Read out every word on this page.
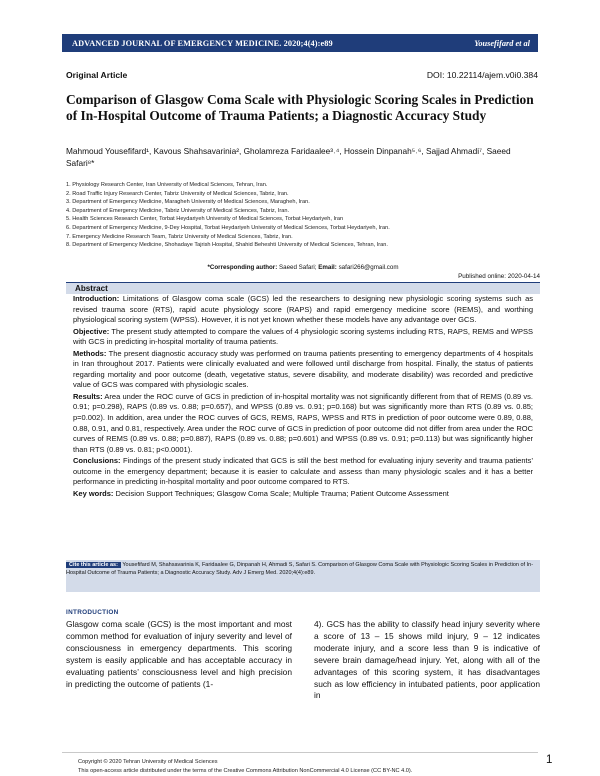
ADVANCED JOURNAL OF EMERGENCY MEDICINE. 2020;4(4):e89	Yousefifard et al
Original Article	DOI: 10.22114/ajem.v0i0.384
Comparison of Glasgow Coma Scale with Physiologic Scoring Scales in Prediction of In-Hospital Outcome of Trauma Patients; a Diagnostic Accuracy Study
Mahmoud Yousefifard¹, Kavous Shahsavarinia², Gholamreza Faridaalee³˒⁴, Hossein Dinpanah⁵˒⁶, Sajjad Ahmadi⁷, Saeed Safari⁸*
1. Physiology Research Center, Iran University of Medical Sciences, Tehran, Iran.
2. Road Traffic Injury Research Center, Tabriz University of Medical Sciences, Tabriz, Iran.
3. Department of Emergency Medicine, Maragheh University of Medical Sciences, Maragheh, Iran.
4. Department of Emergency Medicine, Tabriz University of Medical Sciences, Tabriz, Iran.
5. Health Sciences Research Center, Torbat Heydariyeh University of Medical Sciences, Torbat Heydariyeh, Iran
6. Department of Emergency Medicine, 9-Dey Hospital, Torbat Heydariyeh University of Medical Sciences, Torbat Heydariyeh, Iran.
7. Emergency Medicine Research Team, Tabriz University of Medical Sciences, Tabriz, Iran.
8. Department of Emergency Medicine, Shohadaye Tajrish Hospital, Shahid Beheshti University of Medical Sciences, Tehran, Iran.
*Corresponding author: Saeed Safari; Email: safari266@gmail.com
Published online: 2020-04-14
Abstract

Introduction: Limitations of Glasgow coma scale (GCS) led the researchers to designing new physiologic scoring systems such as revised trauma score (RTS), rapid acute physiology score (RAPS) and rapid emergency medicine score (REMS), and worthing physiological scoring system (WPSS). However, it is not yet known whether these models have any advantage over GCS.

Objective: The present study attempted to compare the values of 4 physiologic scoring systems including RTS, RAPS, REMS and WPSS with GCS in predicting in-hospital mortality of trauma patients.

Methods: The present diagnostic accuracy study was performed on trauma patients presenting to emergency departments of 4 hospitals in Iran throughout 2017. Patients were clinically evaluated and were followed until discharge from hospital. Finally, the status of patients regarding mortality and poor outcome (death, vegetative status, severe disability, and moderate disability) was recorded and predictive value of GCS was compared with physiologic scales.

Results: Area under the ROC curve of GCS in prediction of in-hospital mortality was not significantly different from that of REMS (0.89 vs. 0.91; p=0.298), RAPS (0.89 vs. 0.88; p=0.657), and WPSS (0.89 vs. 0.91; p=0.168) but was significantly more than RTS (0.89 vs. 0.85; p=0.002). In addition, area under the ROC curves of GCS, REMS, RAPS, WPSS and RTS in prediction of poor outcome were 0.89, 0.88, 0.88, 0.91, and 0.81, respectively. Area under the ROC curve of GCS in prediction of poor outcome did not differ from area under the ROC curves of REMS (0.89 vs. 0.88; p=0.887), RAPS (0.89 vs. 0.88; p=0.601) and WPSS (0.89 vs. 0.91; p=0.113) but was significantly higher than RTS (0.89 vs. 0.81; p<0.0001).

Conclusions: Findings of the present study indicated that GCS is still the best method for evaluating injury severity and trauma patients’ outcome in the emergency department; because it is easier to calculate and assess than many physiologic scales and it has a better performance in predicting in-hospital mortality and poor outcome compared to RTS.

Key words: Decision Support Techniques; Glasgow Coma Scale; Multiple Trauma; Patient Outcome Assessment

Cite this article as: Yousefifard M, Shahsavarinia K, Faridaalee G, Dinpanah H, Ahmadi S, Safari S. Comparison of Glasgow Coma Scale with Physiologic Scoring Scales in Prediction of In-Hospital Outcome of Trauma Patients; a Diagnostic Accuracy Study. Adv J Emerg Med. 2020;4(4):e89.
INTRODUCTION
Glasgow coma scale (GCS) is the most important and most common method for evaluation of injury severity and level of consciousness in emergency departments. This scoring system is easily applicable and has acceptable accuracy in evaluating patients’ consciousness level and high precision in predicting the outcome of patients (1-
4). GCS has the ability to classify head injury severity where a score of 13 – 15 shows mild injury, 9 – 12 indicates moderate injury, and a score less than 9 is indicative of severe brain damage/head injury. Yet, along with all of the advantages of this scoring system, it has disadvantages such as low efficiency in intubated patients, poor application in
Copyright © 2020 Tehran University of Medical Sciences
This open-access article distributed under the terms of the Creative Commons Attribution NonCommercial 4.0 License (CC BY-NC 4.0).
1
